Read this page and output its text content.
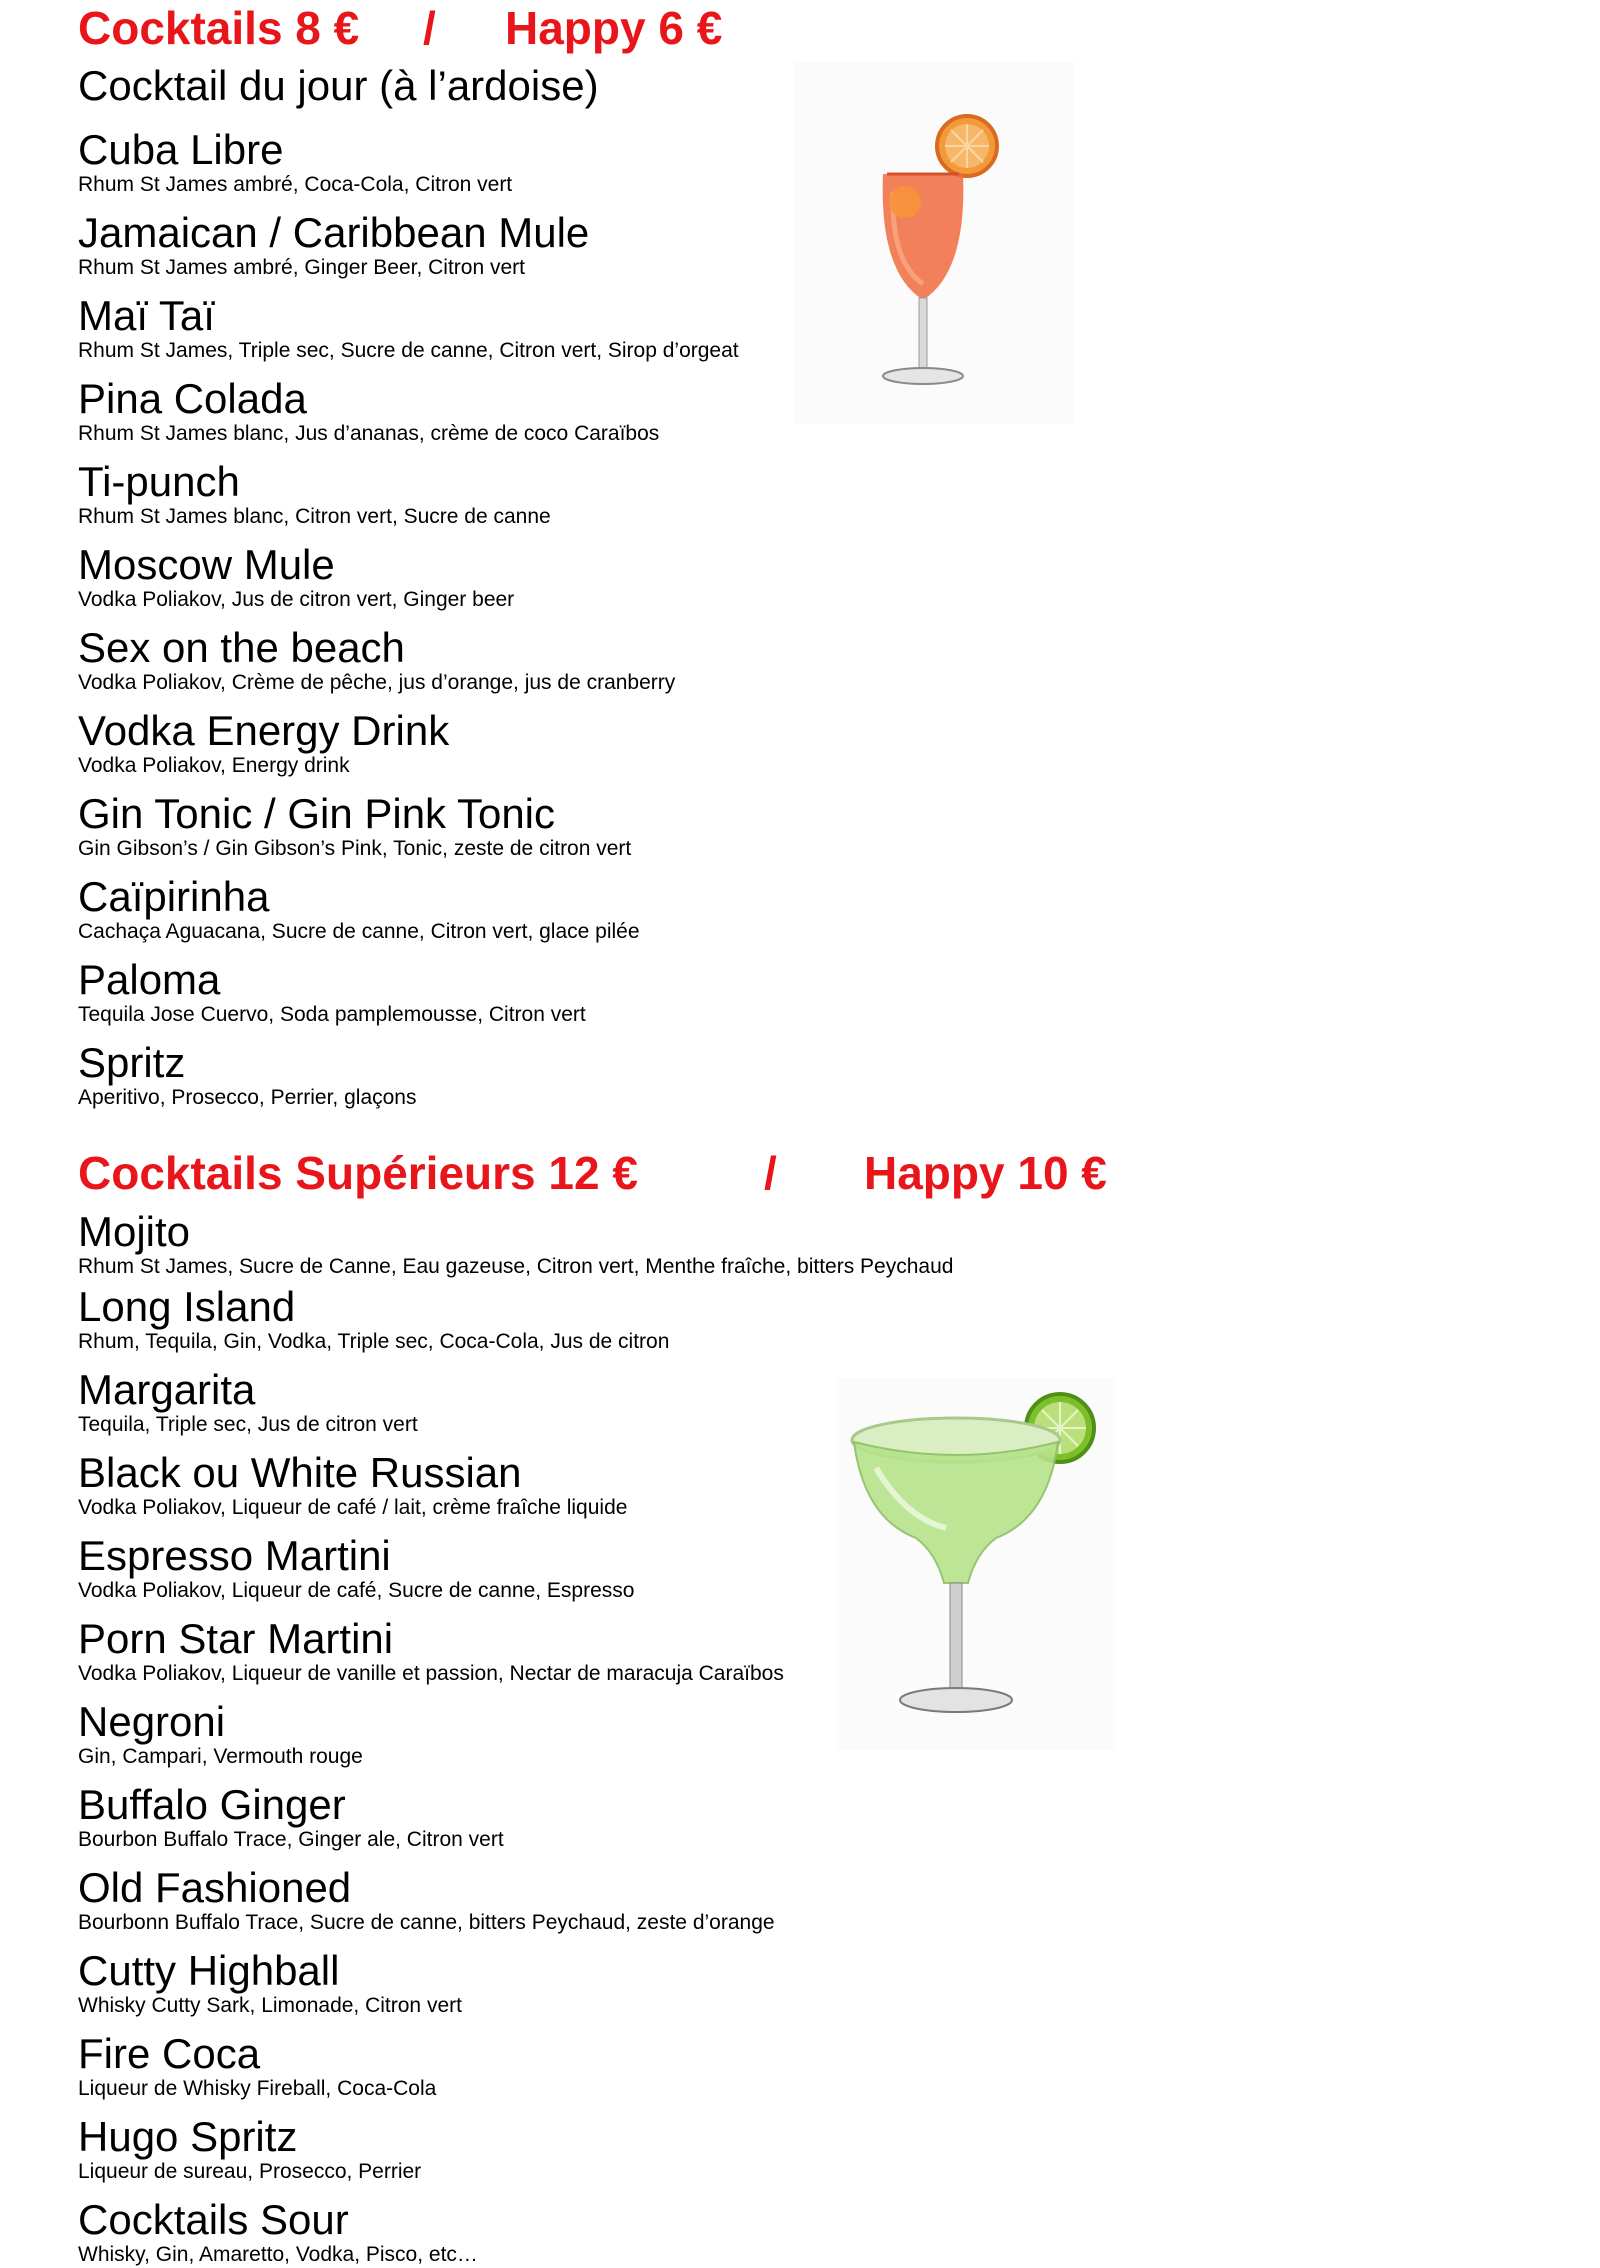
Cocktails 8 €

/

Happy 6 €

Cocktail du jour (à l’ardoise)
Cuba Libre
Rhum St James ambré, Coca-Cola, Citron vert
Jamaican / Caribbean Mule
Rhum St James ambré, Ginger Beer, Citron vert
Maï Taï
Rhum St James, Triple sec, Sucre de canne, Citron vert, Sirop d’orgeat
Pina Colada
Rhum St James blanc, Jus d’ananas, crème de coco Caraïbos
Ti-punch
Rhum St James blanc, Citron vert, Sucre de canne
Moscow Mule
Vodka Poliakov, Jus de citron vert, Ginger beer
Sex on the beach
Vodka Poliakov, Crème de pêche, jus d’orange, jus de cranberry
Vodka Energy Drink
Vodka Poliakov, Energy drink
Gin Tonic / Gin Pink Tonic
Gin Gibson’s / Gin Gibson’s Pink, Tonic, zeste de citron vert
Caïpirinha
Cachaça Aguacana, Sucre de canne, Citron vert, glace pilée
Paloma
Tequila Jose Cuervo, Soda pamplemousse, Citron vert
Spritz
Aperitivo, Prosecco, Perrier, glaçons

Cocktails Supérieurs 12 €

	/

Happy 10 €

Mojito
Rhum St James, Sucre de Canne, Eau gazeuse, Citron vert, Menthe fraîche, bitters Peychaud
Long Island
Rhum, Tequila, Gin, Vodka, Triple sec, Coca-Cola, Jus de citron
Margarita
Tequila, Triple sec, Jus de citron vert
Black ou White Russian
Vodka Poliakov, Liqueur de café / lait, crème fraîche liquide
Espresso Martini
Vodka Poliakov, Liqueur de café, Sucre de canne, Espresso
Porn Star Martini
Vodka Poliakov, Liqueur de vanille et passion, Nectar de maracuja Caraïbos
Negroni
Gin, Campari, Vermouth rouge
Buffalo Ginger
Bourbon Buffalo Trace, Ginger ale, Citron vert
Old Fashioned
Bourbonn Buffalo Trace, Sucre de canne, bitters Peychaud, zeste d’orange
Cutty Highball
Whisky Cutty Sark, Limonade, Citron vert
Fire Coca
Liqueur de Whisky Fireball, Coca-Cola
Hugo Spritz
Liqueur de sureau, Prosecco, Perrier
Cocktails Sour
Whisky, Gin, Amaretto, Vodka, Pisco, etc…
